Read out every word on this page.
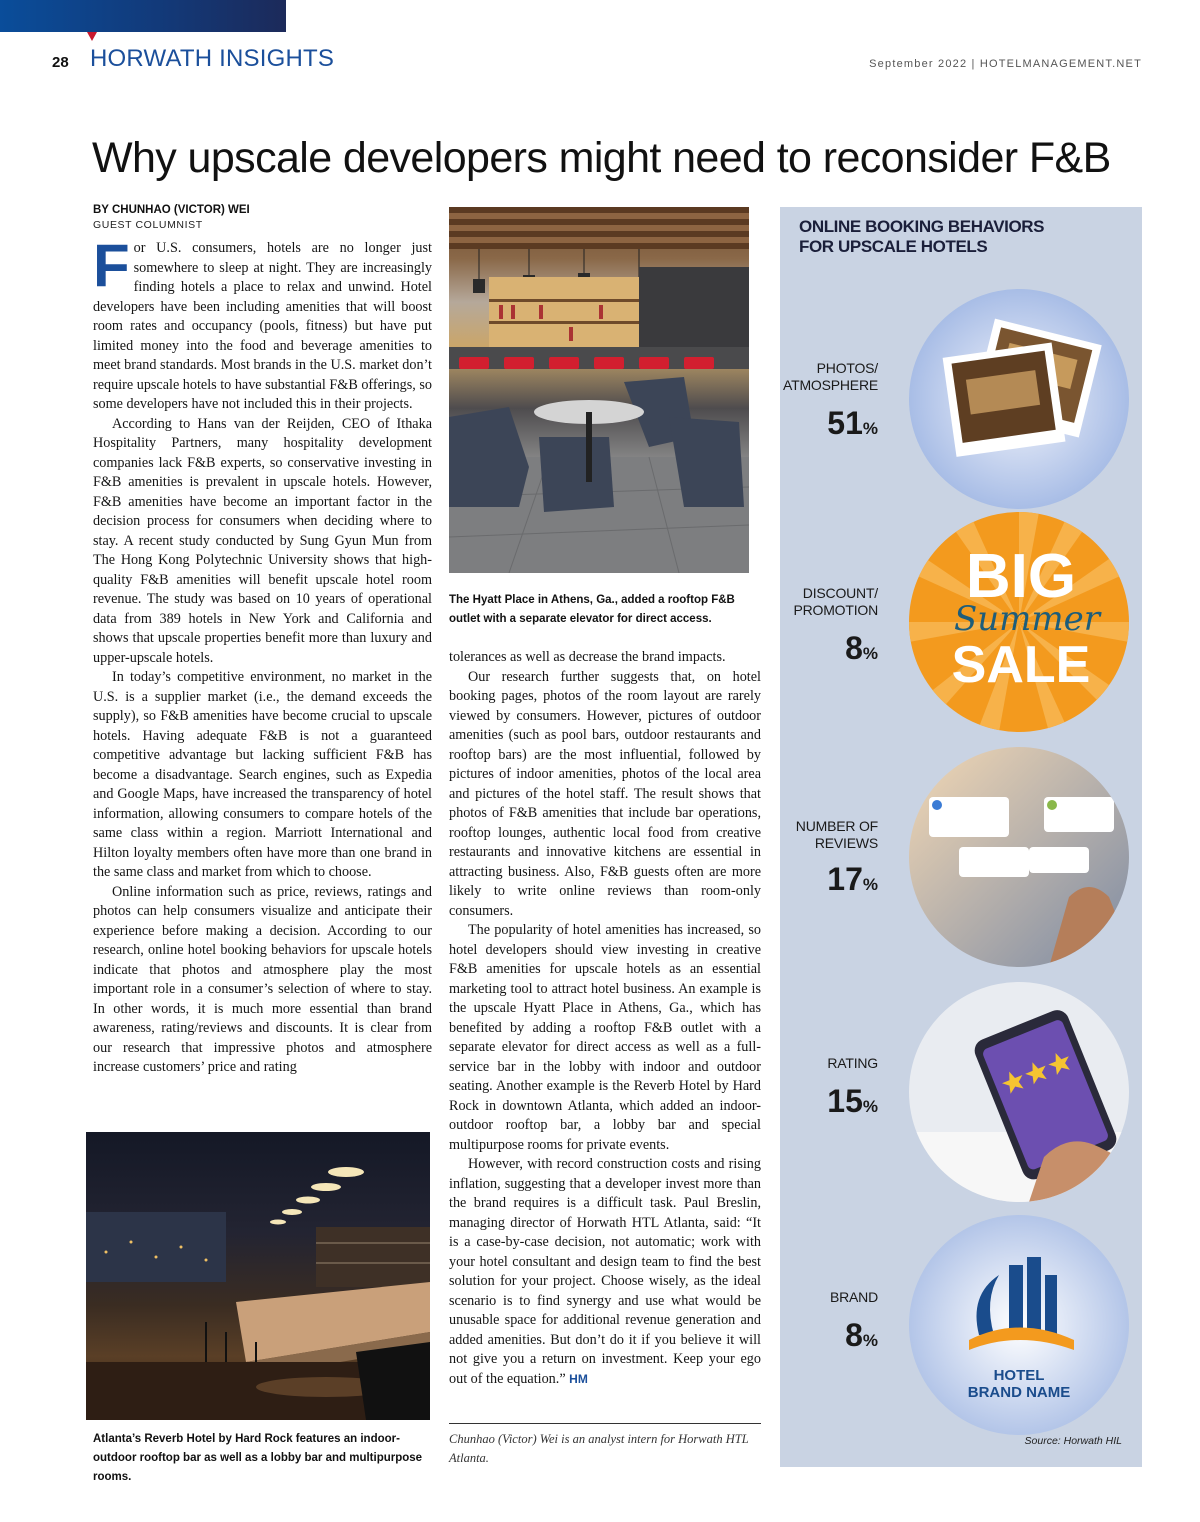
28 HORWATH INSIGHTS	September 2022 | HOTELMANAGEMENT.NET
Why upscale developers might need to reconsider F&B
BY CHUNHAO (VICTOR) WEI
GUEST COLUMNIST

For U.S. consumers, hotels are no longer just somewhere to sleep at night. They are increasingly finding hotels a place to relax and unwind. Hotel developers have been including amenities that will boost room rates and occupancy (pools, fitness) but have put limited money into the food and beverage amenities to meet brand standards. Most brands in the U.S. market don’t require upscale hotels to have substantial F&B offerings, so some developers have not included this in their projects.

According to Hans van der Reijden, CEO of Ithaka Hospitality Partners, many hospitality development companies lack F&B experts, so conservative investing in F&B amenities is prevalent in upscale hotels. However, F&B amenities have become an important factor in the decision process for consumers when deciding where to stay. A recent study conducted by Sung Gyun Mun from The Hong Kong Polytechnic University shows that high-quality F&B amenities will benefit upscale hotel room revenue. The study was based on 10 years of operational data from 389 hotels in New York and California and shows that upscale properties benefit more than luxury and upper-upscale hotels.

In today’s competitive environment, no market in the U.S. is a supplier market (i.e., the demand exceeds the supply), so F&B amenities have become crucial to upscale hotels. Having adequate F&B is not a guaranteed competitive advantage but lacking sufficient F&B has become a disadvantage. Search engines, such as Expedia and Google Maps, have increased the transparency of hotel information, allowing consumers to compare hotels of the same class within a region. Marriott International and Hilton loyalty members often have more than one brand in the same class and market from which to choose.

Online information such as price, reviews, ratings and photos can help consumers visualize and anticipate their experience before making a decision. According to our research, online hotel booking behaviors for upscale hotels indicate that photos and atmosphere play the most important role in a consumer’s selection of where to stay. In other words, it is much more essential than brand awareness, rating/reviews and discounts. It is clear from our research that impressive photos and atmosphere increase customers’ price and rating

The Hyatt Place in Athens, Ga., added a rooftop F&B outlet with a separate elevator for direct access.
Atlanta’s Reverb Hotel by Hard Rock features an indoor-outdoor rooftop bar as well as a lobby bar and multipurpose rooms.

tolerances as well as decrease the brand impacts.

Our research further suggests that, on hotel booking pages, photos of the room layout are rarely viewed by consumers. However, pictures of outdoor amenities (such as pool bars, outdoor restaurants and rooftop bars) are the most influential, followed by pictures of indoor amenities, photos of the local area and pictures of the hotel staff. The result shows that photos of F&B amenities that include bar operations, rooftop lounges, authentic local food from creative restaurants and innovative kitchens are essential in attracting business. Also, F&B guests often are more likely to write online reviews than room-only consumers.

The popularity of hotel amenities has increased, so hotel developers should view investing in creative F&B amenities for upscale hotels as an essential marketing tool to attract hotel business. An example is the upscale Hyatt Place in Athens, Ga., which has benefited by adding a rooftop F&B outlet with a separate elevator for direct access as well as a full-service bar in the lobby with indoor and outdoor seating. Another example is the Reverb Hotel by Hard Rock in downtown Atlanta, which added an indoor-outdoor rooftop bar, a lobby bar and special multipurpose rooms for private events.

However, with record construction costs and rising inflation, suggesting that a developer invest more than the brand requires is a difficult task. Paul Breslin, managing director of Horwath HTL Atlanta, said: “It is a case-by-case decision, not automatic; work with your hotel consultant and design team to find the best solution for your project. Choose wisely, as the ideal scenario is to find synergy and use what would be unusable space for additional revenue generation and added amenities. But don’t do it if you believe it will not give you a return on investment. Keep your ego out of the equation.” HM

Chunhao (Victor) Wei is an analyst intern for Horwath HTL Atlanta.
ONLINE BOOKING BEHAVIORS
FOR UPSCALE HOTELS
PHOTOS/
ATMOSPHERE
51%
DISCOUNT/
PROMOTION
8%
BIG
Summer
SALE
NUMBER OF
REVIEWS
17%
RATING
15%
BRAND
8%
HOTEL
BRAND NAME
Source: Horwath HIL
